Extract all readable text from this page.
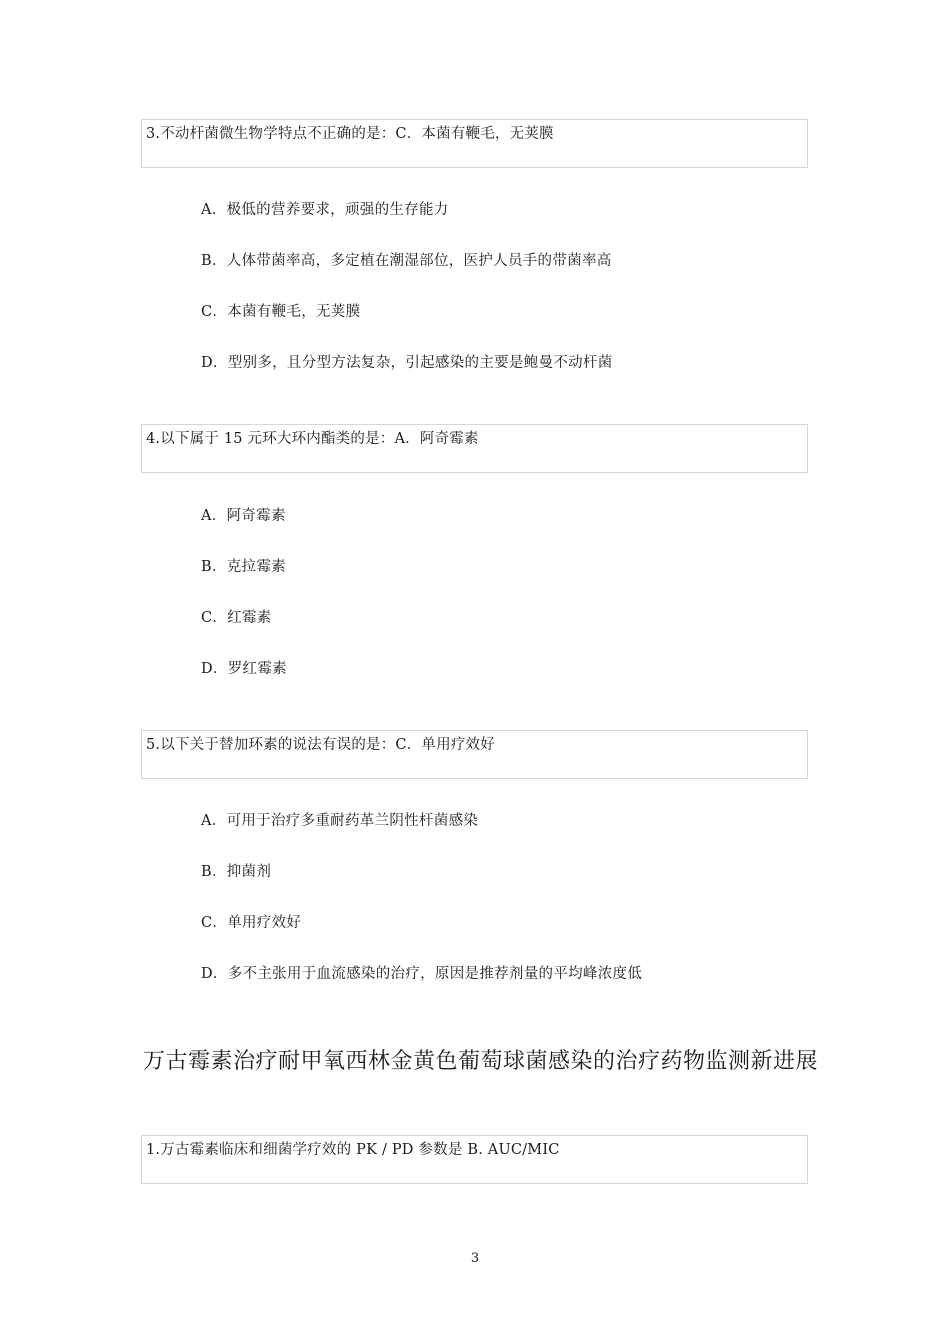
3.不动杆菌微生物学特点不正确的是：C．本菌有鞭毛，无荚膜
A．极低的营养要求，顽强的生存能力
B．人体带菌率高，多定植在潮湿部位，医护人员手的带菌率高
C．本菌有鞭毛，无荚膜
D．型别多，且分型方法复杂，引起感染的主要是鲍曼不动杆菌
4.以下属于 15 元环大环内酯类的是：A．阿奇霉素
A．阿奇霉素
B．克拉霉素
C．红霉素
D．罗红霉素
5.以下关于替加环素的说法有误的是：C．单用疗效好
A．可用于治疗多重耐药革兰阴性杆菌感染
B．抑菌剂
C．单用疗效好
D．多不主张用于血流感染的治疗，原因是推荐剂量的平均峰浓度低
万古霉素治疗耐甲氧西林金黄色葡萄球菌感染的治疗药物监测新进展
1.万古霉素临床和细菌学疗效的 PK / PD 参数是 B. AUC/MIC
3
